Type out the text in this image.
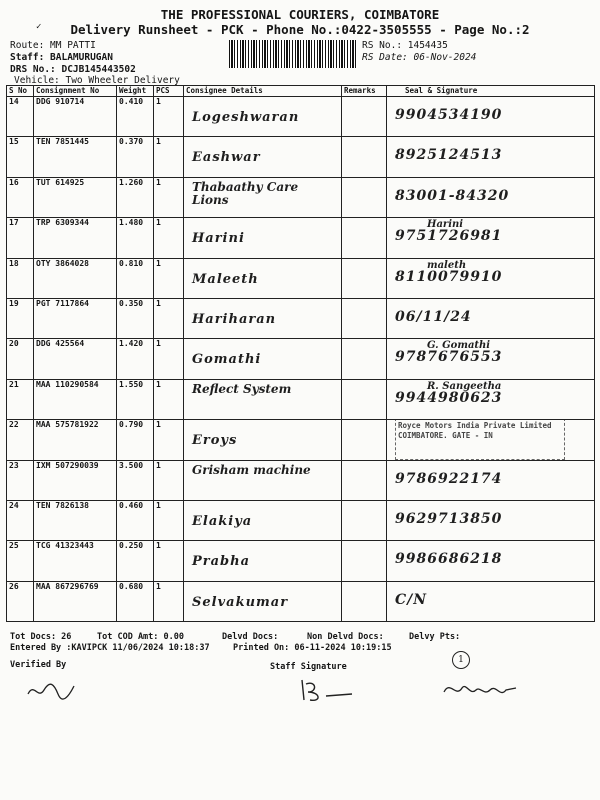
✓
THE PROFESSIONAL COURIERS, COIMBATORE
Delivery Runsheet - PCK - Phone No.:0422-3505555 - Page No.:2
Route: MM PATTI
Staff: BALAMURUGAN
DRS No.: DCJB145443502
Vehicle: Two Wheeler Delivery
RS No.: 1454435
RS Date: 06-Nov-2024
S No	Consignment No	Weight	PCS	Consignee Details	Remarks	Seal & Signature
14	DDG 910714	0.410	1	Logeshwaran		9904534190

15	TEN 7851445	0.370	1	Eashwar		8925124513

16	TUT 614925	1.260	1	Thabaathy Care Lions		83001-84320

17	TRP 6309344	1.480	1	Harini		Harini
9751726981

18	OTY 3864028	0.810	1	Maleeth		maleth
8110079910

19	PGT 7117864	0.350	1	Hariharan		06/11/24

20	DDG 425564	1.420	1	Gomathi		G. Gomathi
9787676553

21	MAA 110290584	1.550	1	Reflect System		R. Sangeetha
9944980623

22	MAA 575781922	0.790	1	Eroys		Royce Motors India Private Limited COIMBATORE. GATE - IN

23	IXM 507290039	3.500	1	Grisham machine		9786922174

24	TEN 7826138	0.460	1	Elakiya		9629713850

25	TCG 41323443	0.250	1	Prabha		9986686218

26	MAA 867296769	0.680	1	Selvakumar		C/N
Tot Docs: 26	Tot COD Amt: 0.00	Delvd Docs:	Non Delvd Docs:	Delvy Pts:
Entered By :KAVIPCK 11/06/2024 10:18:37	Printed On: 06-11-2024 10:19:15
Verified By	Staff Signature
1
